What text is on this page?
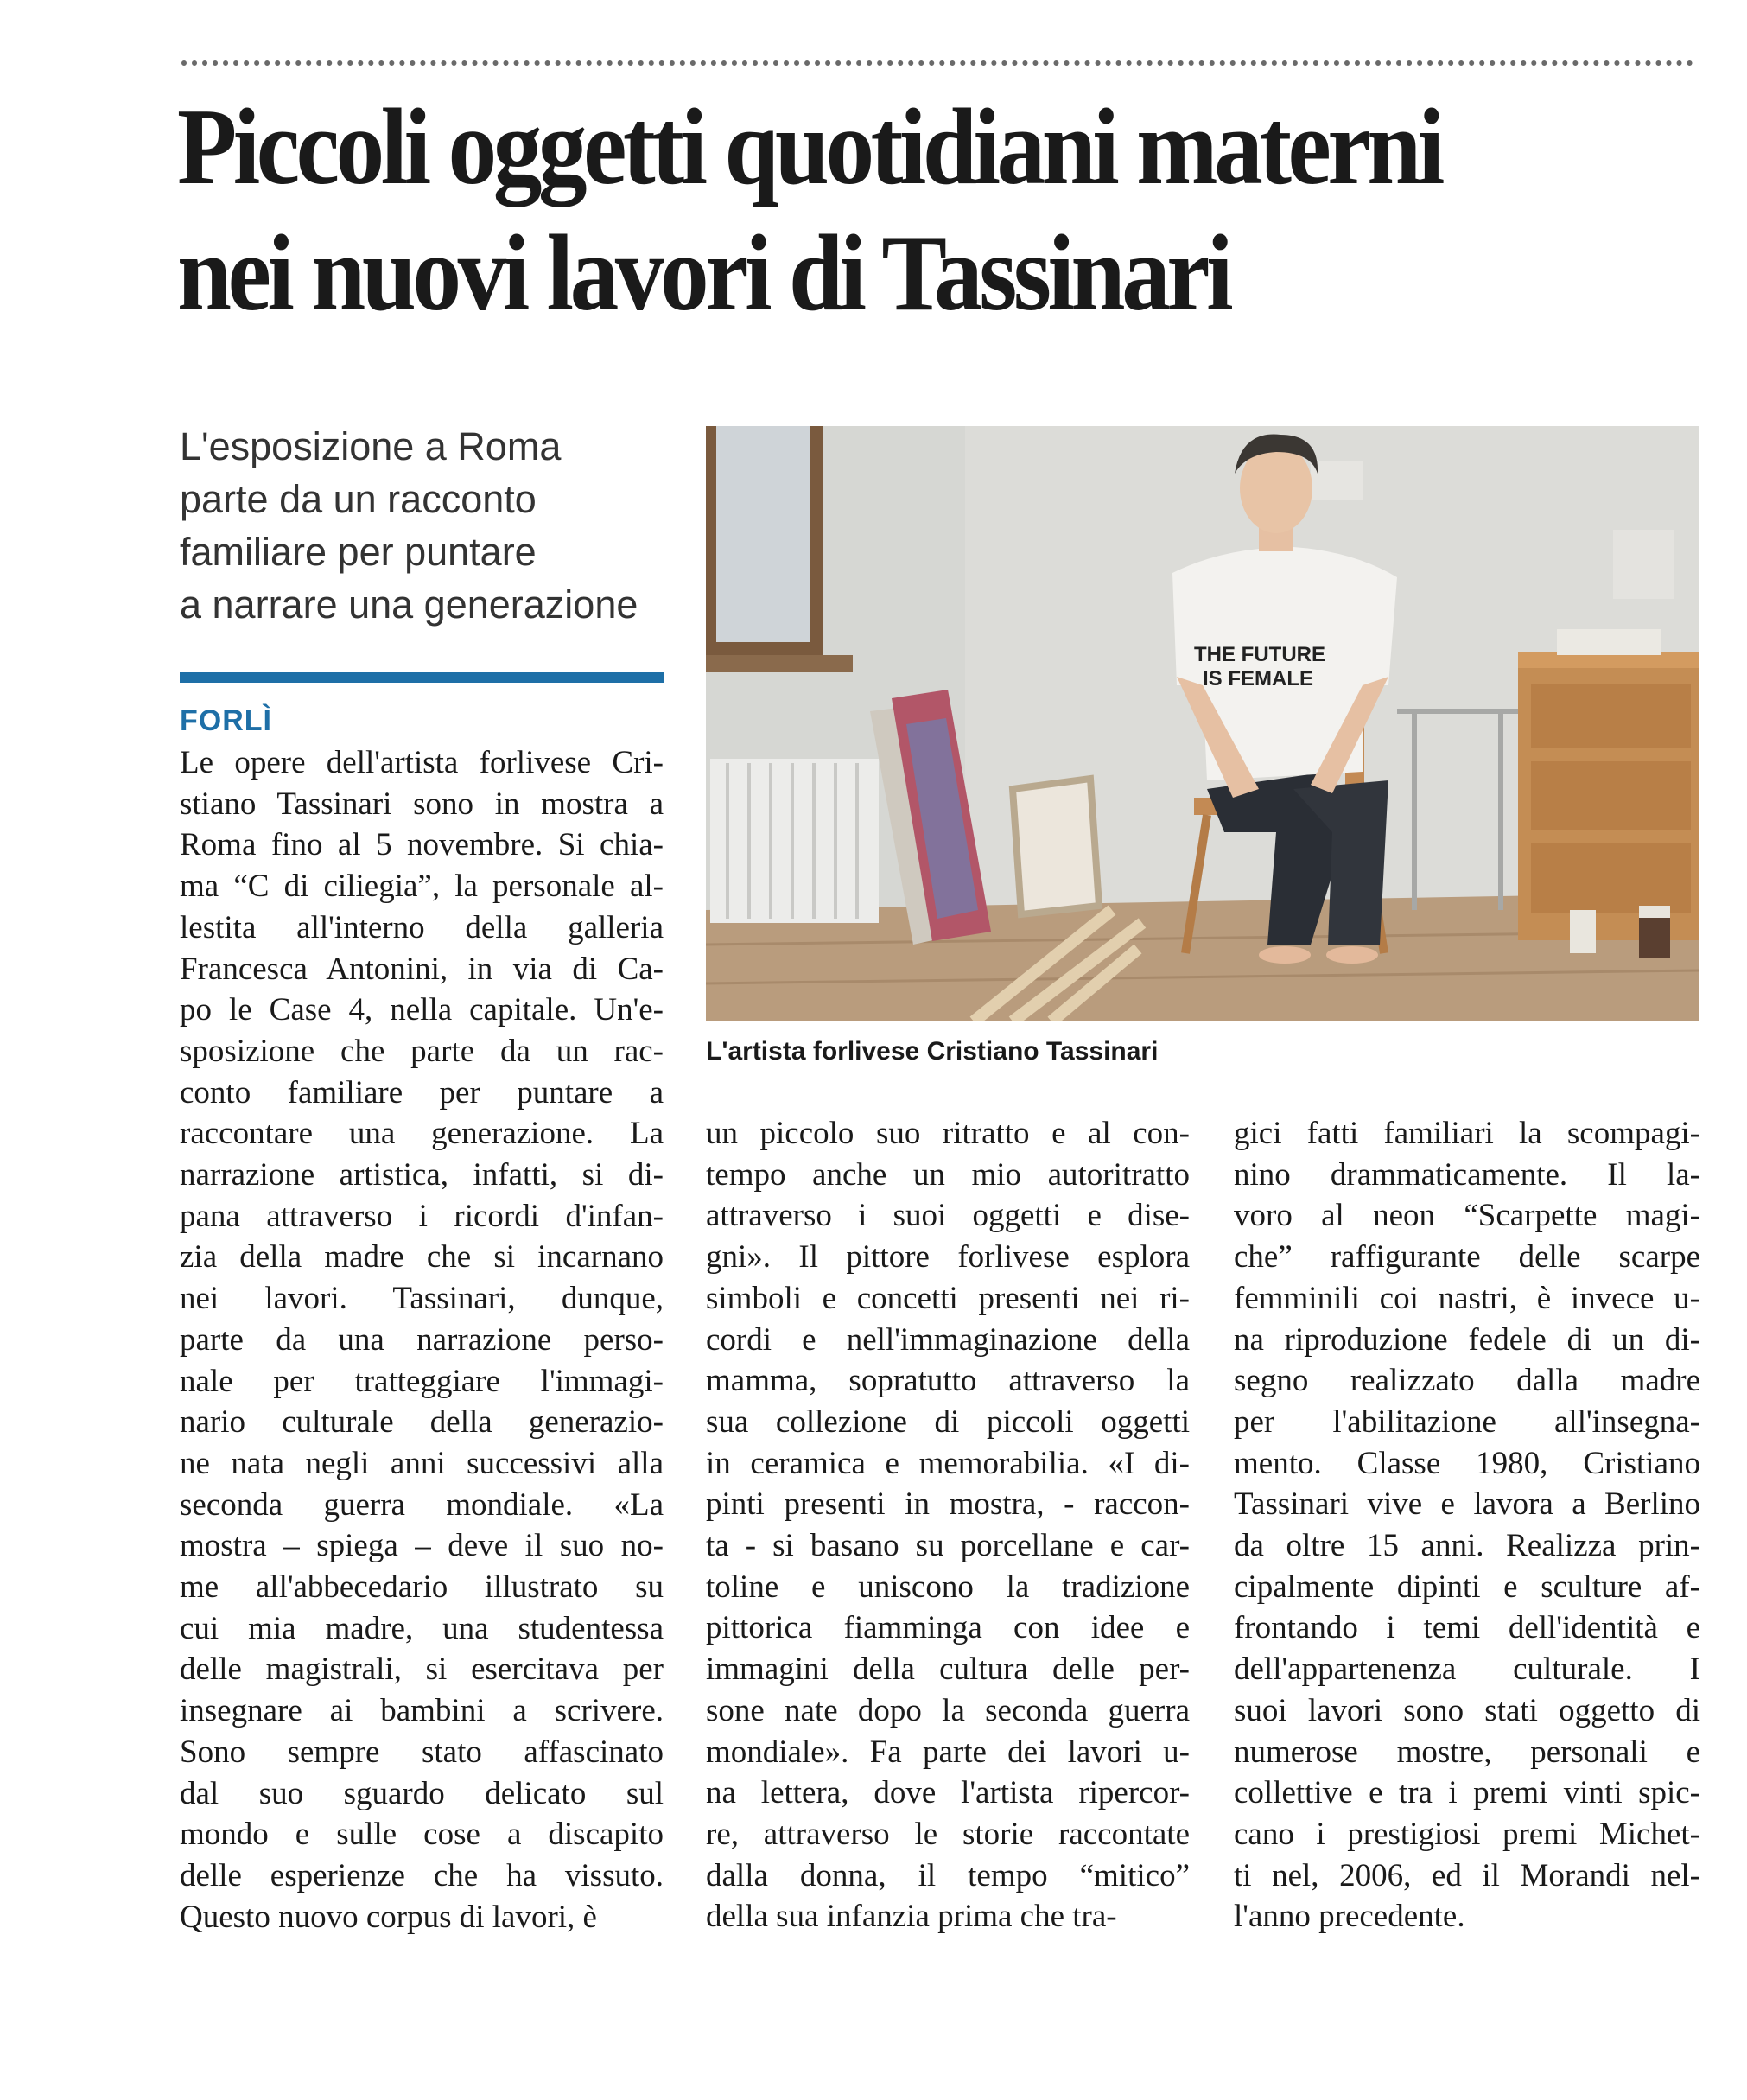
Piccoli oggetti quotidiani materni
nei nuovi lavori di Tassinari
L'esposizione a Roma
parte da un racconto
familiare per puntare
a narrare una generazione
FORLÌ
Le opere dell'artista forlivese Cri-
stiano Tassinari sono in mostra a
Roma fino al 5 novembre. Si chia-
ma “C di ciliegia”, la personale al-
lestita all'interno della galleria
Francesca Antonini, in via di Ca-
po le Case 4, nella capitale. Un'e-
sposizione che parte da un rac-
conto familiare per puntare a
raccontare una generazione. La
narrazione artistica, infatti, si di-
pana attraverso i ricordi d'infan-
zia della madre che si incarnano
nei lavori. Tassinari, dunque,
parte da una narrazione perso-
nale per tratteggiare l'immagi-
nario culturale della generazio-
ne nata negli anni successivi alla
seconda guerra mondiale. «La
mostra – spiega – deve il suo no-
me all'abbecedario illustrato su
cui mia madre, una studentessa
delle magistrali, si esercitava per
insegnare ai bambini a scrivere.
Sono sempre stato affascinato
dal suo sguardo delicato sul
mondo e sulle cose a discapito
delle esperienze che ha vissuto.
Questo nuovo corpus di lavori, è
THE FUTURE
IS FEMALE
L'artista forlivese Cristiano Tassinari
un piccolo suo ritratto e al con-
tempo anche un mio autoritratto
attraverso i suoi oggetti e dise-
gni». Il pittore forlivese esplora
simboli e concetti presenti nei ri-
cordi e nell'immaginazione della
mamma, sopratutto attraverso la
sua collezione di piccoli oggetti
in ceramica e memorabilia. «I di-
pinti presenti in mostra, - raccon-
ta - si basano su porcellane e car-
toline e uniscono la tradizione
pittorica fiamminga con idee e
immagini della cultura delle per-
sone nate dopo la seconda guerra
mondiale». Fa parte dei lavori u-
na lettera, dove l'artista ripercor-
re, attraverso le storie raccontate
dalla donna, il tempo “mitico”
della sua infanzia prima che tra-
gici fatti familiari la scompagi-
nino drammaticamente. Il la-
voro al neon “Scarpette magi-
che” raffigurante delle scarpe
femminili coi nastri, è invece u-
na riproduzione fedele di un di-
segno realizzato dalla madre
per l'abilitazione all'insegna-
mento. Classe 1980, Cristiano
Tassinari vive e lavora a Berlino
da oltre 15 anni. Realizza prin-
cipalmente dipinti e sculture af-
frontando i temi dell'identità e
dell'appartenenza culturale. I
suoi lavori sono stati oggetto di
numerose mostre, personali e
collettive e tra i premi vinti spic-
cano i prestigiosi premi Michet-
ti nel, 2006, ed il Morandi nel-
l'anno precedente.
